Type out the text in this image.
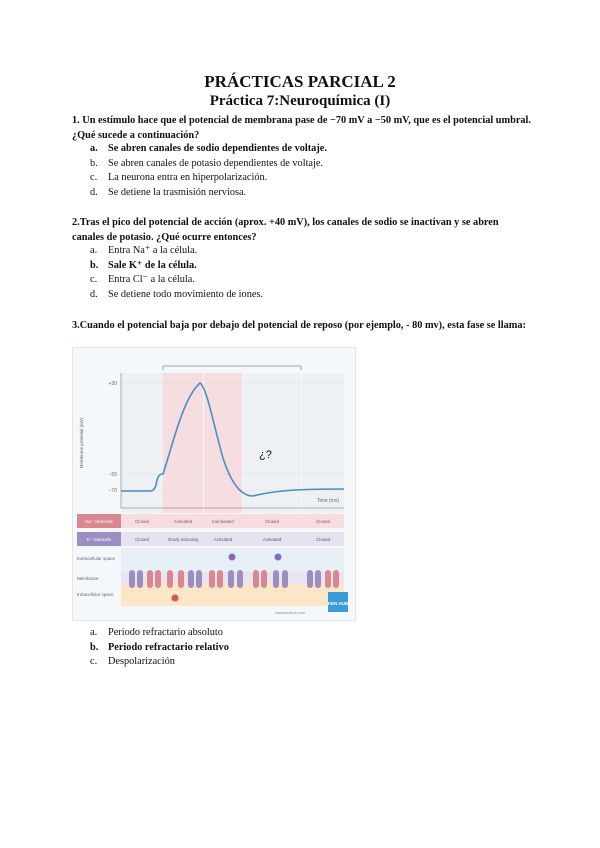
PRÁCTICAS PARCIAL 2
Práctica 7:Neuroquímica (I)
1. Un estímulo hace que el potencial de membrana pase de −70 mV a −50 mV, que es el potencial umbral.¿Qué sucede a continuación?
a. Se abren canales de sodio dependientes de voltaje.
b. Se abren canales de potasio dependientes de voltaje.
c.	La neurona entra en hiperpolarización.
d. Se detiene la trasmisión nerviosa.
2.Tras el pico del potencial de acción (aprox. +40 mV), los canales de sodio se inactivan y se abren canales de potasio. ¿Qué ocurre entonces?
a.	Entra Na⁺ a la célula.
b. Sale K⁺ de la célula.
c.	Entra Cl⁻ a la célula.
d. Se detiene todo movimiento de iones.
3.Cuando el potencial baja por debajo del potencial de reposo (por ejemplo, - 80 mv), esta fase se llama:
Membrane potential (mV)
+30
−55
−70
Time (ms)
¿?
Na⁺ channels	Closed	Activated	Inactivated	Closed	Closed
K⁺ channels	Closed	Slowly activating	Activated	Activated	Closed
Extracellular space
Membrane
Intracellular space
www.kenhub.com
KEN HUB
a.	Periodo refractario absoluto
b. Periodo refractario relativo
c.	Despolarización
